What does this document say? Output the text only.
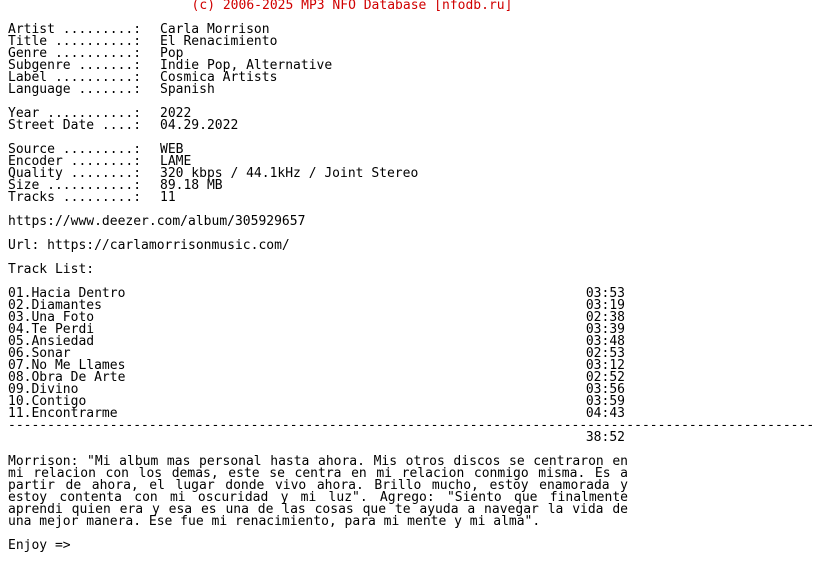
(c) 2006-2025 MP3 NFO Database [nfodb.ru]
Artist .........:	Carla Morrison
Title ..........:	El Renacimiento
Genre ..........:	Pop
Subgenre .......:	Indie Pop, Alternative
Label ..........:	Cosmica Artists
Language .......:	Spanish
Year ...........:	2022
Street Date ....:	04.29.2022
Source .........:	WEB
Encoder ........:	LAME
Quality ........:	320 kbps / 44.1kHz / Joint Stereo
Size ...........:	89.18 MB
Tracks .........:	11
https://www.deezer.com/album/305929657
Url: https://carlamorrisonmusic.com/
Track List:
01.Hacia Dentro	03:53
02.Diamantes	03:19
03.Una Foto	02:38
04.Te Perdi	03:39
05.Ansiedad	03:48
06.Sonar	02:53
07.No Me Llames	03:12
08.Obra De Arte	02:52
09.Divino	03:56
10.Contigo	03:59
11.Encontrarme	04:43
-------------------------------------------------------------------------------------------------------
38:52
Morrison: "Mi album mas personal hasta ahora. Mis otros discos se centraron en mi relacion con los demas, este se centra en mi relacion conmigo misma. Es a partir de ahora, el lugar donde vivo ahora. Brillo mucho, estoy enamorada y estoy contenta con mi oscuridad y mi luz". Agrego: "Siento que finalmente aprendi quien era y esa es una de las cosas que te ayuda a navegar la vida de una mejor manera. Ese fue mi renacimiento, para mi mente y mi alma".
Enjoy =>
